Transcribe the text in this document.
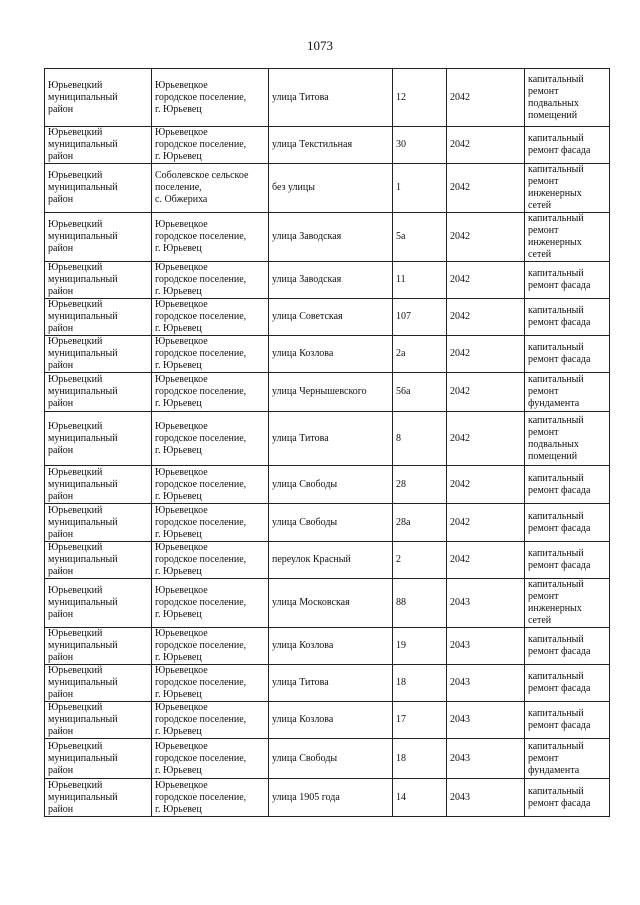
1073
Юрьевецкий
муниципальный
район	Юрьевецкое
городское поселение,
г. Юрьевец	улица Титова	12	2042	капитальный
ремонт
подвальных
помещений

Юрьевецкий
муниципальный
район	Юрьевецкое
городское поселение,
г. Юрьевец	улица Текстильная	30	2042	капитальный
ремонт фасада

Юрьевецкий
муниципальный
район	Соболевское сельское
поселение,
с. Обжериха	без улицы	1	2042	капитальный
ремонт
инженерных
сетей

Юрьевецкий
муниципальный
район	Юрьевецкое
городское поселение,
г. Юрьевец	улица Заводская	5а	2042	капитальный
ремонт
инженерных
сетей

Юрьевецкий
муниципальный
район	Юрьевецкое
городское поселение,
г. Юрьевец	улица Заводская	11	2042	капитальный
ремонт фасада

Юрьевецкий
муниципальный
район	Юрьевецкое
городское поселение,
г. Юрьевец	улица Советская	107	2042	капитальный
ремонт фасада

Юрьевецкий
муниципальный
район	Юрьевецкое
городское поселение,
г. Юрьевец	улица Козлова	2а	2042	капитальный
ремонт фасада

Юрьевецкий
муниципальный
район	Юрьевецкое
городское поселение,
г. Юрьевец	улица Чернышевского	56а	2042	капитальный
ремонт
фундамента

Юрьевецкий
муниципальный
район	Юрьевецкое
городское поселение,
г. Юрьевец	улица Титова	8	2042	капитальный
ремонт
подвальных
помещений

Юрьевецкий
муниципальный
район	Юрьевецкое
городское поселение,
г. Юрьевец	улица Свободы	28	2042	капитальный
ремонт фасада

Юрьевецкий
муниципальный
район	Юрьевецкое
городское поселение,
г. Юрьевец	улица Свободы	28а	2042	капитальный
ремонт фасада

Юрьевецкий
муниципальный
район	Юрьевецкое
городское поселение,
г. Юрьевец	переулок Красный	2	2042	капитальный
ремонт фасада

Юрьевецкий
муниципальный
район	Юрьевецкое
городское поселение,
г. Юрьевец	улица Московская	88	2043	капитальный
ремонт
инженерных
сетей

Юрьевецкий
муниципальный
район	Юрьевецкое
городское поселение,
г. Юрьевец	улица Козлова	19	2043	капитальный
ремонт фасада

Юрьевецкий
муниципальный
район	Юрьевецкое
городское поселение,
г. Юрьевец	улица Титова	18	2043	капитальный
ремонт фасада

Юрьевецкий
муниципальный
район	Юрьевецкое
городское поселение,
г. Юрьевец	улица Козлова	17	2043	капитальный
ремонт фасада

Юрьевецкий
муниципальный
район	Юрьевецкое
городское поселение,
г. Юрьевец	улица Свободы	18	2043	капитальный
ремонт
фундамента

Юрьевецкий
муниципальный
район	Юрьевецкое
городское поселение,
г. Юрьевец	улица 1905 года	14	2043	капитальный
ремонт фасада
